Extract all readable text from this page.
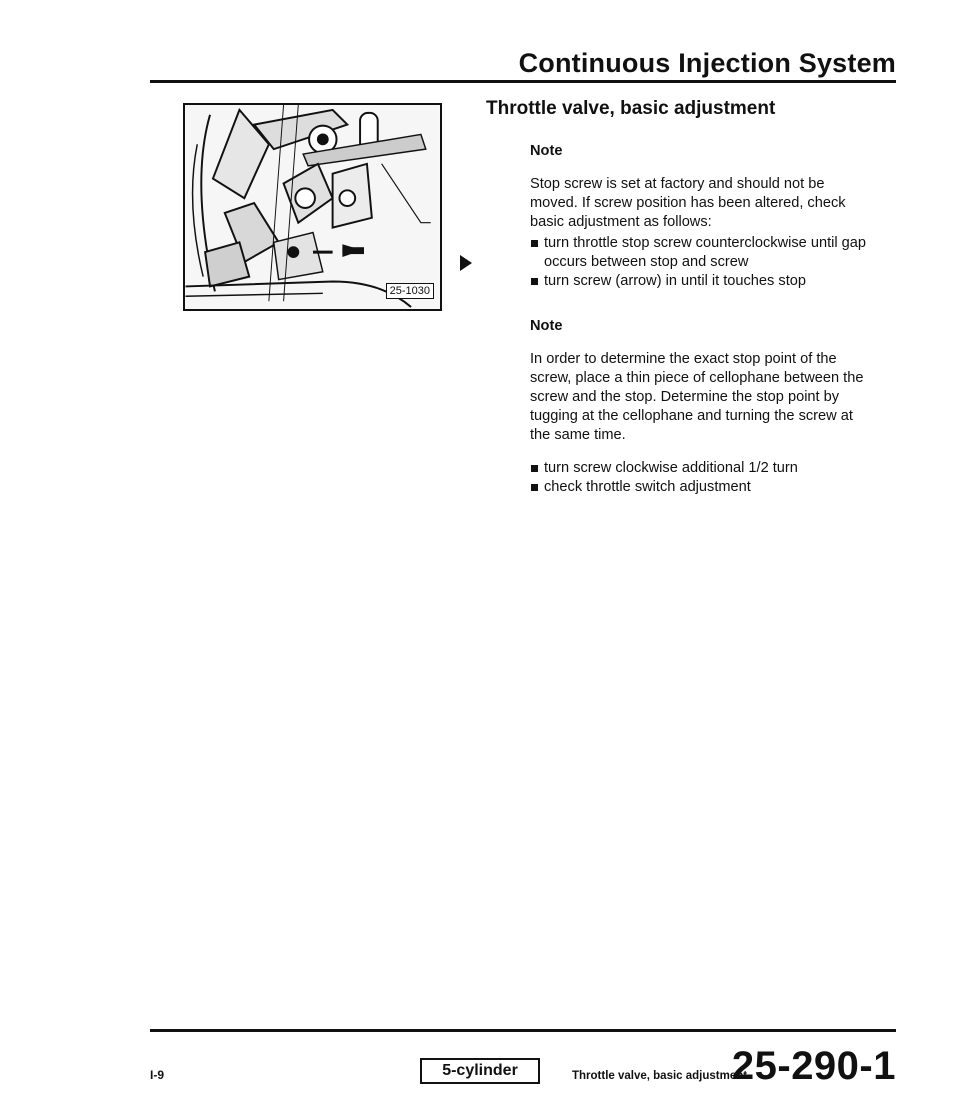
Continuous Injection System
25-1030
Throttle valve, basic adjustment
Note

Stop screw is set at factory and should not be moved. If screw position has been altered, check basic adjustment as follows:

turn throttle stop screw counterclockwise until gap occurs between stop and screw
turn screw (arrow) in until it touches stop
Note

In order to determine the exact stop point of the screw, place a thin piece of cellophane between the screw and the stop. Determine the stop point by tugging at the cellophane and turning the screw at the same time.

turn screw clockwise additional 1/2 turn
check throttle switch adjustment
I-9	5-cylinder	Throttle valve, basic adjustment
25-290-1
